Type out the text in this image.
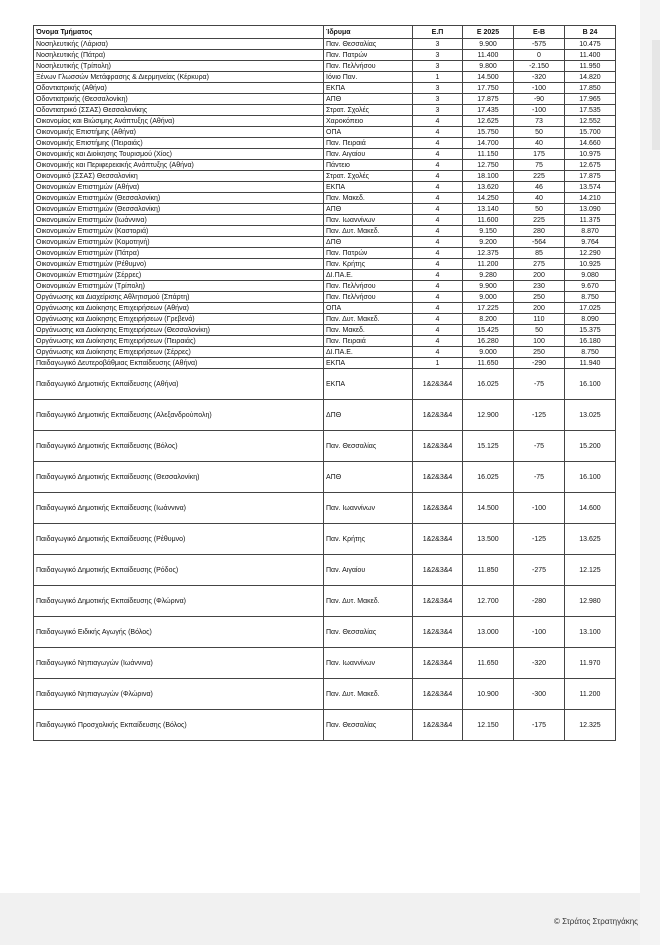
Όνομα Τμήματος	Ίδρυμα	Ε.Π	Ε 2025	Ε-Β	Β 24
Νοσηλευτικής (Λάρισα)	Παν. Θεσσαλίας	3	9.900	-575	10.475
Νοσηλευτικής (Πάτρα)	Παν. Πατρών	3	11.400	0	11.400
Νοσηλευτικής (Τρίπολη)	Παν. Πελ/νήσου	3	9.800	-2.150	11.950
Ξένων Γλωσσών Μετάφρασης & Διερμηνείας (Κέρκυρα)	Ιόνιο Παν.	1	14.500	-320	14.820
Οδοντιατρικής (Αθήνα)	ΕΚΠΑ	3	17.750	-100	17.850
Οδοντιατρικής (Θεσσαλονίκη)	ΑΠΘ	3	17.875	-90	17.965
Οδοντιατρικό (ΣΣΑΣ) Θεσσαλονίκης	Στρατ. Σχολές	3	17.435	-100	17.535
Οικονομίας και Βιώσιμης Ανάπτυξης (Αθήνα)	Χαροκόπειο	4	12.625	73	12.552
Οικονομικής Επιστήμης (Αθήνα)	ΟΠΑ	4	15.750	50	15.700
Οικονομικής Επιστήμης (Πειραιάς)	Παν. Πειραιά	4	14.700	40	14.660
Οικονομικής και Διοίκησης Τουρισμού (Χίος)	Παν. Αιγαίου	4	11.150	175	10.975
Οικονομικής και Περιφερειακής Ανάπτυξης (Αθήνα)	Πάντειο	4	12.750	75	12.675
Οικονομικό (ΣΣΑΣ) Θεσσαλονίκη	Στρατ. Σχολές	4	18.100	225	17.875
Οικονομικών Επιστημών (Αθήνα)	ΕΚΠΑ	4	13.620	46	13.574
Οικονομικών Επιστημών (Θεσσαλονίκη)	Παν. Μακεδ.	4	14.250	40	14.210
Οικονομικών Επιστημών (Θεσσαλονίκη)	ΑΠΘ	4	13.140	50	13.090
Οικονομικών Επιστημών (Ιωάννινα)	Παν. Ιωαννίνων	4	11.600	225	11.375
Οικονομικών Επιστημών (Καστοριά)	Παν. Δυτ. Μακεδ.	4	9.150	280	8.870
Οικονομικών Επιστημών (Κομοτηνή)	ΔΠΘ	4	9.200	-564	9.764
Οικονομικών Επιστημών (Πάτρα)	Παν. Πατρών	4	12.375	85	12.290
Οικονομικών Επιστημών (Ρέθυμνο)	Παν. Κρήτης	4	11.200	275	10.925
Οικονομικών Επιστημών (Σέρρες)	ΔΙ.ΠΑ.Ε.	4	9.280	200	9.080
Οικονομικών Επιστημών (Τρίπολη)	Παν. Πελ/νήσου	4	9.900	230	9.670
Οργάνωσης και Διαχείρισης Αθλητισμού (Σπάρτη)	Παν. Πελ/νήσου	4	9.000	250	8.750
Οργάνωσης και Διοίκησης Επιχειρήσεων (Αθήνα)	ΟΠΑ	4	17.225	200	17.025
Οργάνωσης και Διοίκησης Επιχειρήσεων (Γρεβενά)	Παν. Δυτ. Μακεδ.	4	8.200	110	8.090
Οργάνωσης και Διοίκησης Επιχειρήσεων (Θεσσαλονίκη)	Παν. Μακεδ.	4	15.425	50	15.375
Οργάνωσης και Διοίκησης Επιχειρήσεων (Πειραιάς)	Παν. Πειραιά	4	16.280	100	16.180
Οργάνωσης και Διοίκησης Επιχειρήσεων (Σέρρες)	ΔΙ.ΠΑ.Ε.	4	9.000	250	8.750
Παιδαγωγικό Δευτεροβάθμιας Εκπαίδευσης (Αθήνα)	ΕΚΠΑ	1	11.650	-290	11.940
Παιδαγωγικό Δημοτικής Εκπαίδευσης (Αθήνα)	ΕΚΠΑ	1&2&3&4	16.025	-75	16.100
Παιδαγωγικό Δημοτικής Εκπαίδευσης (Αλεξανδρούπολη)	ΔΠΘ	1&2&3&4	12.900	-125	13.025
Παιδαγωγικό Δημοτικής Εκπαίδευσης (Βόλος)	Παν. Θεσσαλίας	1&2&3&4	15.125	-75	15.200
Παιδαγωγικό Δημοτικής Εκπαίδευσης (Θεσσαλονίκη)	ΑΠΘ	1&2&3&4	16.025	-75	16.100
Παιδαγωγικό Δημοτικής Εκπαίδευσης (Ιωάννινα)	Παν. Ιωαννίνων	1&2&3&4	14.500	-100	14.600
Παιδαγωγικό Δημοτικής Εκπαίδευσης (Ρέθυμνο)	Παν. Κρήτης	1&2&3&4	13.500	-125	13.625
Παιδαγωγικό Δημοτικής Εκπαίδευσης (Ρόδος)	Παν. Αιγαίου	1&2&3&4	11.850	-275	12.125
Παιδαγωγικό Δημοτικής Εκπαίδευσης (Φλώρινα)	Παν. Δυτ. Μακεδ.	1&2&3&4	12.700	-280	12.980
Παιδαγωγικό Ειδικής Αγωγής (Βόλος)	Παν. Θεσσαλίας	1&2&3&4	13.000	-100	13.100
Παιδαγωγικό Νηπιαγωγών (Ιωάννινα)	Παν. Ιωαννίνων	1&2&3&4	11.650	-320	11.970
Παιδαγωγικό Νηπιαγωγών (Φλώρινα)	Παν. Δυτ. Μακεδ.	1&2&3&4	10.900	-300	11.200
Παιδαγωγικό Προσχολικής Εκπαίδευσης (Βόλος)	Παν. Θεσσαλίας	1&2&3&4	12.150	-175	12.325
© Στράτος Στρατηγάκης
